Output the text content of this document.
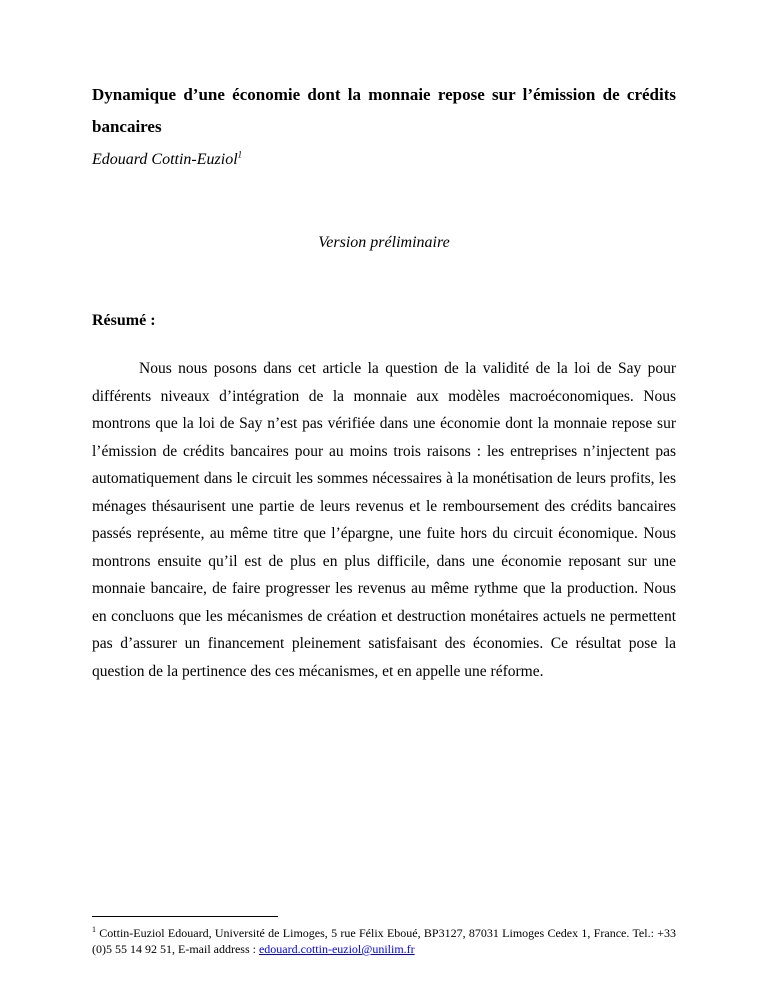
Dynamique d’une économie dont la monnaie repose sur l’émission de crédits bancaires
Edouard Cottin-Euziol$^1$
Version préliminaire
Résumé :

Nous nous posons dans cet article la question de la validité de la loi de Say pour différents niveaux d’intégration de la monnaie aux modèles macroéconomiques. Nous montrons que la loi de Say n’est pas vérifiée dans une économie dont la monnaie repose sur l’émission de crédits bancaires pour au moins trois raisons : les entreprises n’injectent pas automatiquement dans le circuit les sommes nécessaires à la monétisation de leurs profits, les ménages thésaurisent une partie de leurs revenus et le remboursement des crédits bancaires passés représente, au même titre que l’épargne, une fuite hors du circuit économique. Nous montrons ensuite qu’il est de plus en plus difficile, dans une économie reposant sur une monnaie bancaire, de faire progresser les revenus au même rythme que la production. Nous en concluons que les mécanismes de création et destruction monétaires actuels ne permettent pas d’assurer un financement pleinement satisfaisant des économies. Ce résultat pose la question de la pertinence des ces mécanismes, et en appelle une réforme.

$^1$ Cottin-Euziol Edouard, Université de Limoges, 5 rue Félix Eboué, BP3127, 87031 Limoges Cedex 1, France. Tel.: +33 (0)5 55 14 92 51, E-mail address : edouard.cottin-euziol@unilim.fr
